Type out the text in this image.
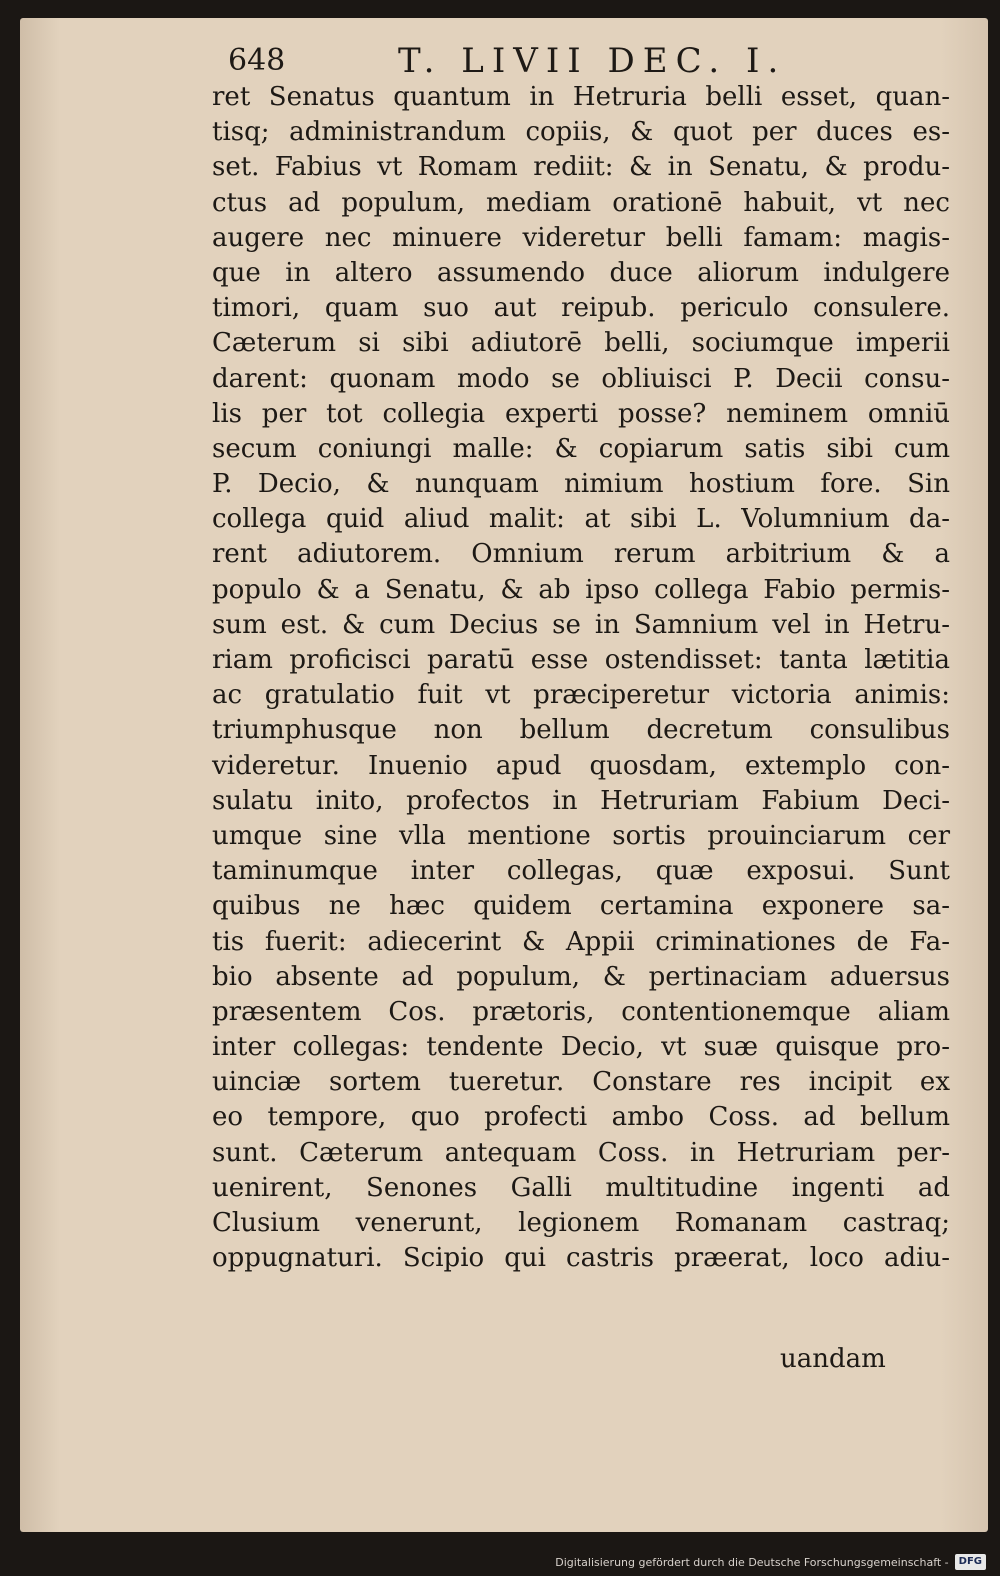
648	T. LIVII DEC. I.
ret Senatus quantum in Hetruria belli esset, quan-
tisq; administrandum copiis, & quot per duces es-
set. Fabius vt Romam rediit: & in Senatu, & produ-
ctus ad populum, mediam orationē habuit, vt nec
augere nec minuere videretur belli famam: magis-
que in altero assumendo duce aliorum indulgere
timori, quam suo aut reipub. periculo consulere.
Cæterum si sibi adiutorē belli, sociumque imperii
darent: quonam modo se obliuisci P. Decii consu-
lis per tot collegia experti posse? neminem omniū
secum coniungi malle: & copiarum satis sibi cum
P. Decio, & nunquam nimium hostium fore. Sin
collega quid aliud malit: at sibi L. Volumnium da-
rent adiutorem. Omnium rerum arbitrium & a
populo & a Senatu, & ab ipso collega Fabio permis-
sum est. & cum Decius se in Samnium vel in Hetru-
riam proficisci paratū esse ostendisset: tanta lætitia
ac gratulatio fuit vt præciperetur victoria animis:
triumphusque non bellum decretum consulibus
videretur. Inuenio apud quosdam, extemplo con-
sulatu inito, profectos in Hetruriam Fabium Deci-
umque sine vlla mentione sortis prouinciarum cer
taminumque inter collegas, quæ exposui. Sunt
quibus ne hæc quidem certamina exponere sa-
tis fuerit: adiecerint & Appii criminationes de Fa-
bio absente ad populum, & pertinaciam aduersus
præsentem Cos. prætoris, contentionemque aliam
inter collegas: tendente Decio, vt suæ quisque pro-
uinciæ sortem tueretur. Constare res incipit ex
eo tempore, quo profecti ambo Coss. ad bellum
sunt. Cæterum antequam Coss. in Hetruriam per-
uenirent, Senones Galli multitudine ingenti ad
Clusium venerunt, legionem Romanam castraq;
oppugnaturi. Scipio qui castris præerat, loco adiu-
uandam
Digitalisierung gefördert durch die Deutsche Forschungsgemeinschaft -	DFG
